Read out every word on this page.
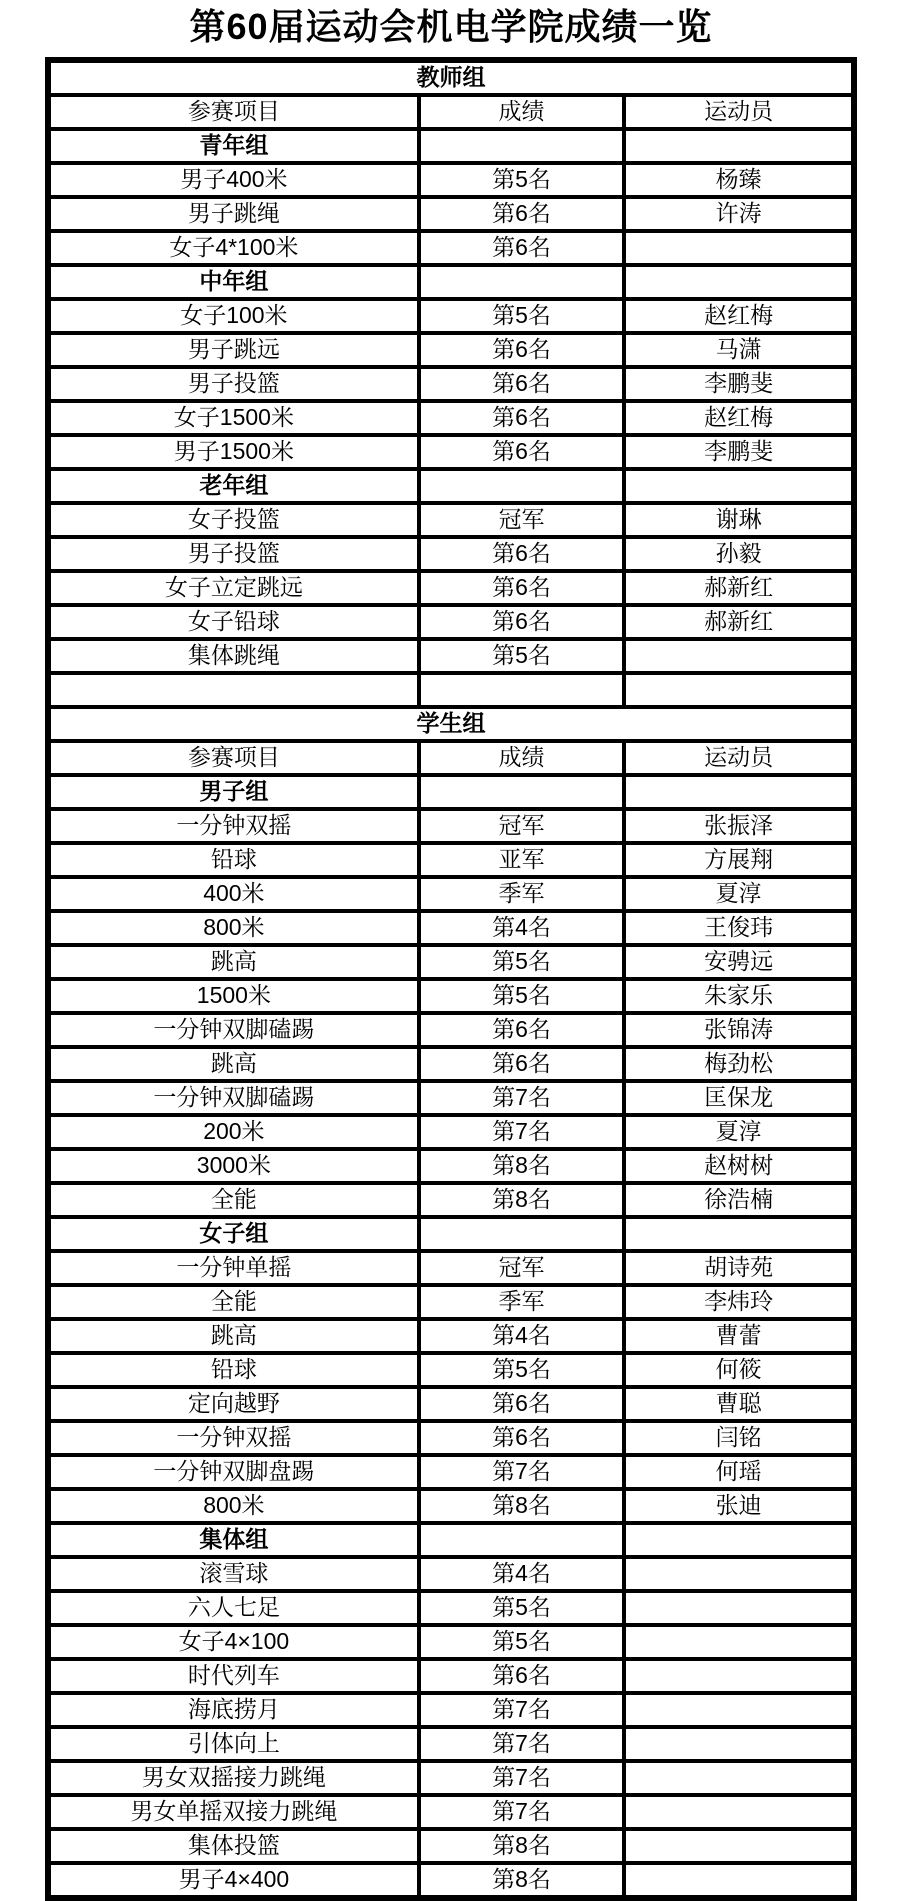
第60届运动会机电学院成绩一览
教师组		
参赛项目	成绩	运动员
青年组		
男子400米	第5名	杨臻
男子跳绳	第6名	许涛
女子4*100米	第6名	
中年组		
女子100米	第5名	赵红梅
男子跳远	第6名	马潇
男子投篮	第6名	李鹏斐
女子1500米	第6名	赵红梅
男子1500米	第6名	李鹏斐
老年组		
女子投篮	冠军	谢琳
男子投篮	第6名	孙毅
女子立定跳远	第6名	郝新红
女子铅球	第6名	郝新红
集体跳绳	第5名	

学生组		
参赛项目	成绩	运动员
男子组		
一分钟双摇	冠军	张振泽
铅球	亚军	方展翔
400米	季军	夏淳
800米	第4名	王俊玮
跳高	第5名	安骋远
1500米	第5名	朱家乐
一分钟双脚磕踢	第6名	张锦涛
跳高	第6名	梅劲松
一分钟双脚磕踢	第7名	匡保龙
200米	第7名	夏淳
3000米	第8名	赵树树
全能	第8名	徐浩楠
女子组		
一分钟单摇	冠军	胡诗苑
全能	季军	李炜玲
跳高	第4名	曹蕾
铅球	第5名	何筱
定向越野	第6名	曹聪
一分钟双摇	第6名	闫铭
一分钟双脚盘踢	第7名	何瑶
800米	第8名	张迪
集体组		
滚雪球	第4名	
六人七足	第5名	
女子4×100	第5名	
时代列车	第6名	
海底捞月	第7名	
引体向上	第7名	
男女双摇接力跳绳	第7名	
男女单摇双接力跳绳	第7名	
集体投篮	第8名	
男子4×400	第8名	
